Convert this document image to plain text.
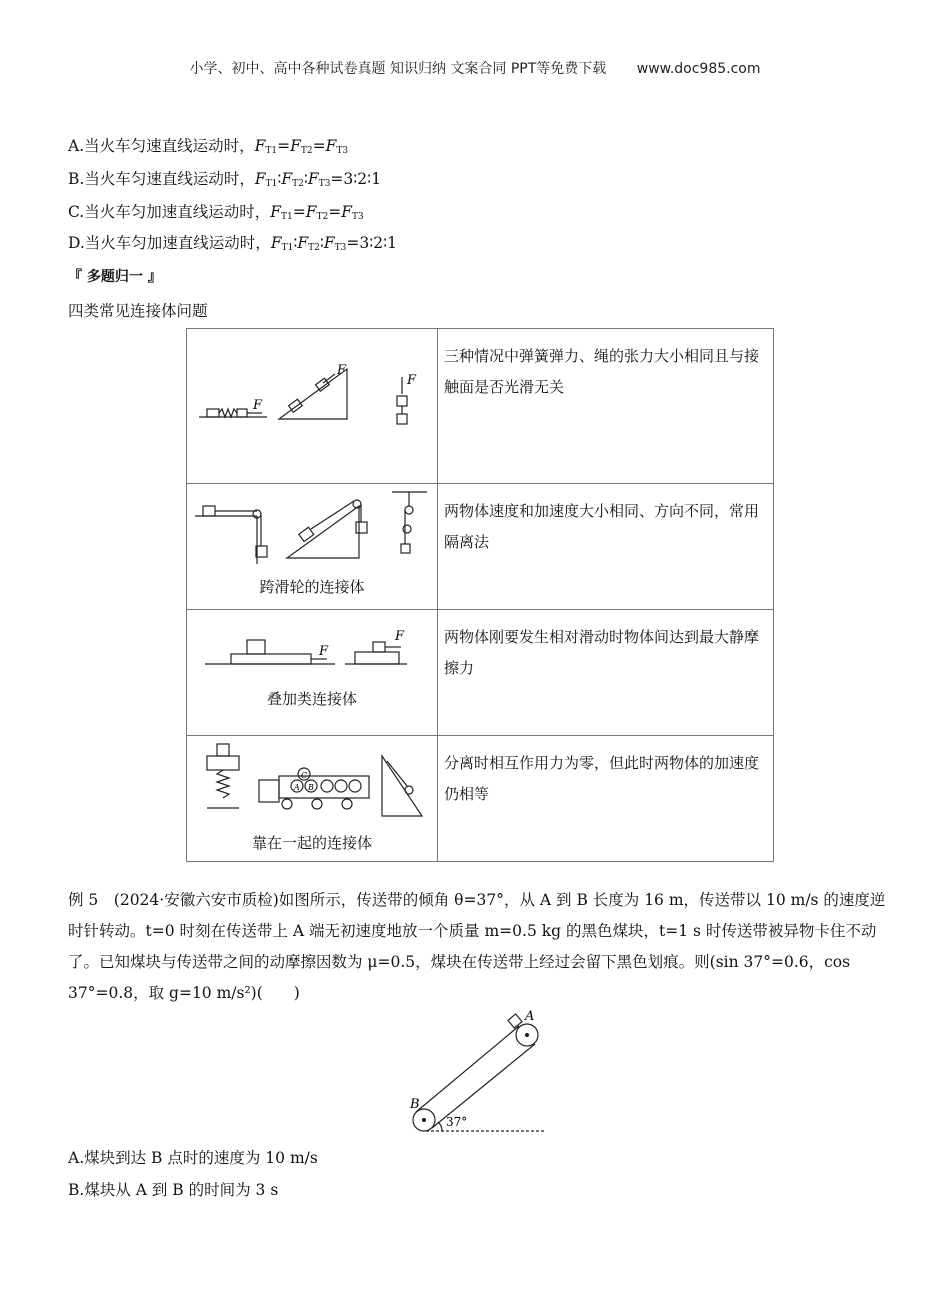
小学、初中、高中各种试卷真题 知识归纳 文案合同 PPT等免费下载 www.doc985.com
A.当火车匀速直线运动时，$F_{T1}=F_{T2}=F_{T3}$
B.当火车匀速直线运动时，$F_{T1}∶F_{T2}∶F_{T3}=3∶2∶1$
C.当火车匀加速直线运动时，$F_{T1}=F_{T2}=F_{T3}$
D.当火车匀加速直线运动时，$F_{T1}∶F_{T2}∶F_{T3}=3∶2∶1$
『 多题归一 』
四类常见连接体问题
F
F
F	三种情况中弹簧弹力、绳的张力大小相同且与接触面是否光滑无关

跨滑轮的连接体	两物体速度和加速度大小相同、方向不同，常用隔离法

F
F
叠加类连接体	两物体刚要发生相对滑动时物体间达到最大静摩擦力

A B
C
靠在一起的连接体	分离时相互作用力为零，但此时两物体的加速度仍相等
例 5　(2024·安徽六安市质检)如图所示，传送带的倾角 θ=37°，从 A 到 B 长度为 16 m，传送带以 10 m/s 的速度逆时针转动。t=0 时刻在传送带上 A 端无初速度地放一个质量 m=0.5 kg 的黑色煤块，t=1 s 时传送带被异物卡住不动了。已知煤块与传送带之间的动摩擦因数为 μ=0.5，煤块在传送带上经过会留下黑色划痕。则(sin 37°=0.6，cos 37°=0.8，取 g=10 m/s²)(　　)
A
B
37°
A.煤块到达 B 点时的速度为 10 m/s
B.煤块从 A 到 B 的时间为 3 s
